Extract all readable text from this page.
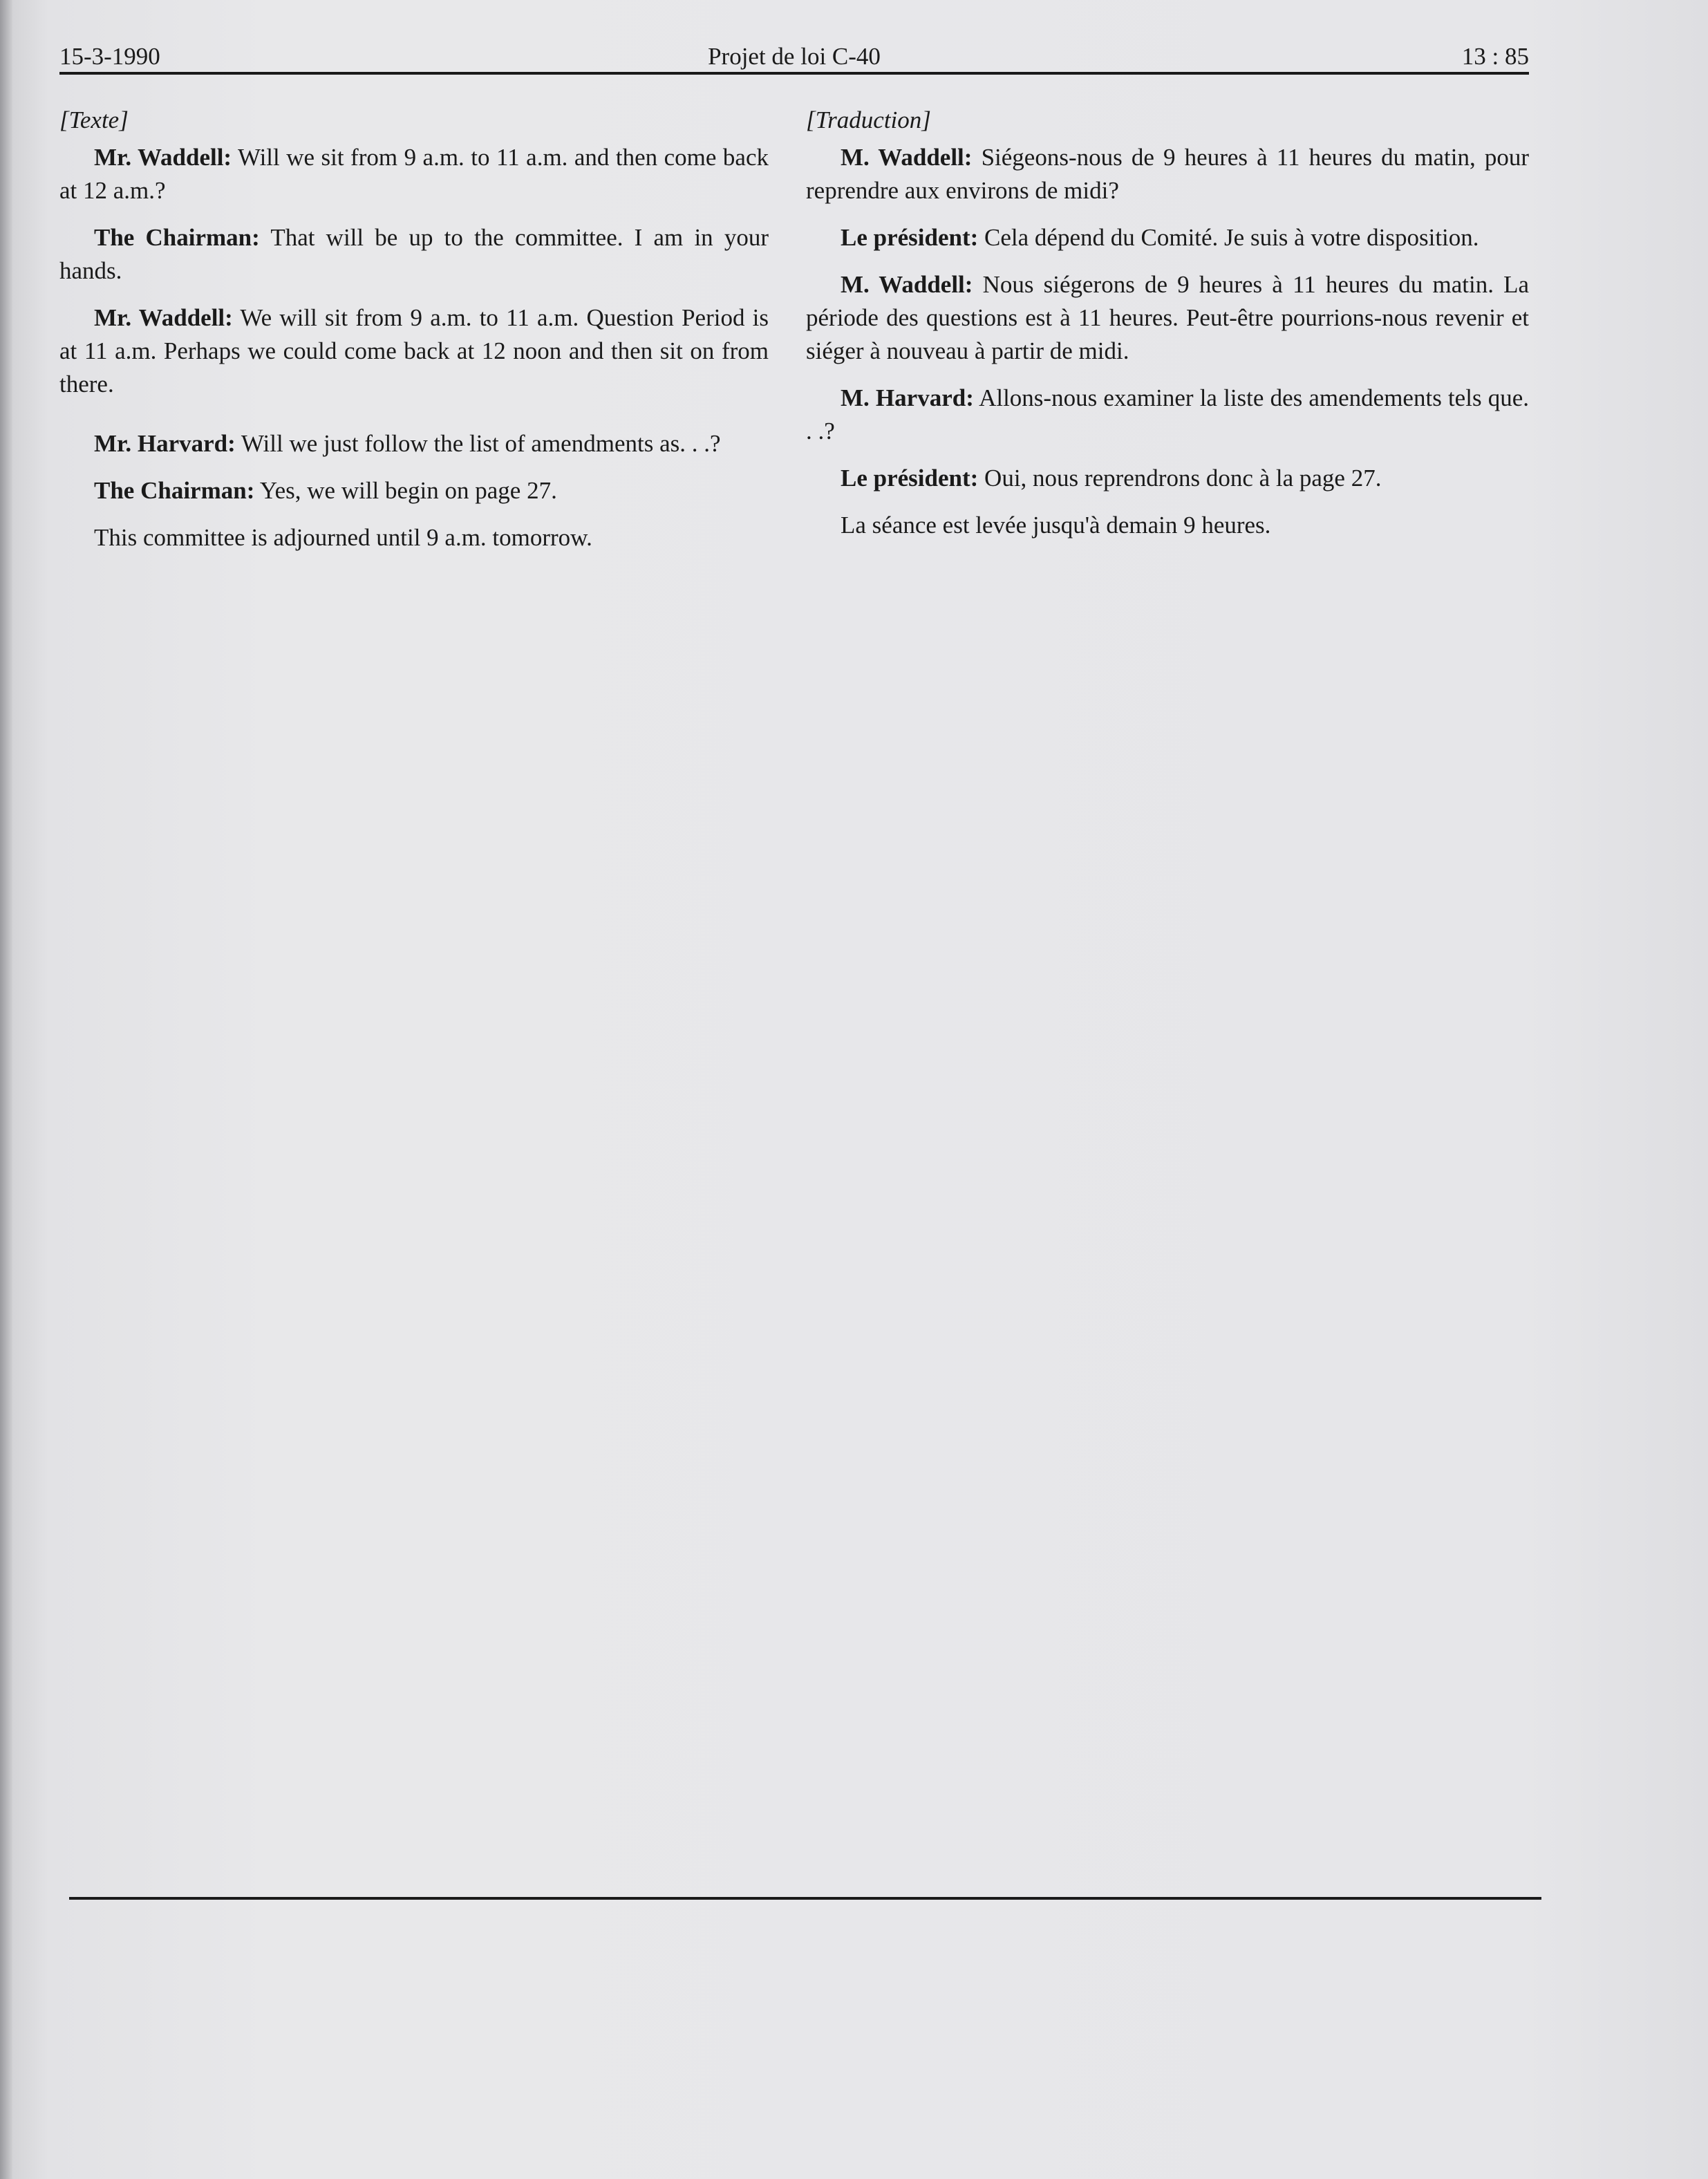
15-3-1990	Projet de loi C-40	13 : 85

[Texte]

Mr. Waddell: Will we sit from 9 a.m. to 11 a.m. and then come back at 12 a.m.?

The Chairman: That will be up to the committee. I am in your hands.

Mr. Waddell: We will sit from 9 a.m. to 11 a.m. Question Period is at 11 a.m. Perhaps we could come back at 12 noon and then sit on from there.

Mr. Harvard: Will we just follow the list of amendments as. . .?

The Chairman: Yes, we will begin on page 27.

This committee is adjourned until 9 a.m. tomorrow.

[Traduction]

M. Waddell: Siégeons-nous de 9 heures à 11 heures du matin, pour reprendre aux environs de midi?

Le président: Cela dépend du Comité. Je suis à votre disposition.

M. Waddell: Nous siégerons de 9 heures à 11 heures du matin. La période des questions est à 11 heures. Peut-être pourrions-nous revenir et siéger à nouveau à partir de midi.

M. Harvard: Allons-nous examiner la liste des amendements tels que. . .?

Le président: Oui, nous reprendrons donc à la page 27.

La séance est levée jusqu'à demain 9 heures.
